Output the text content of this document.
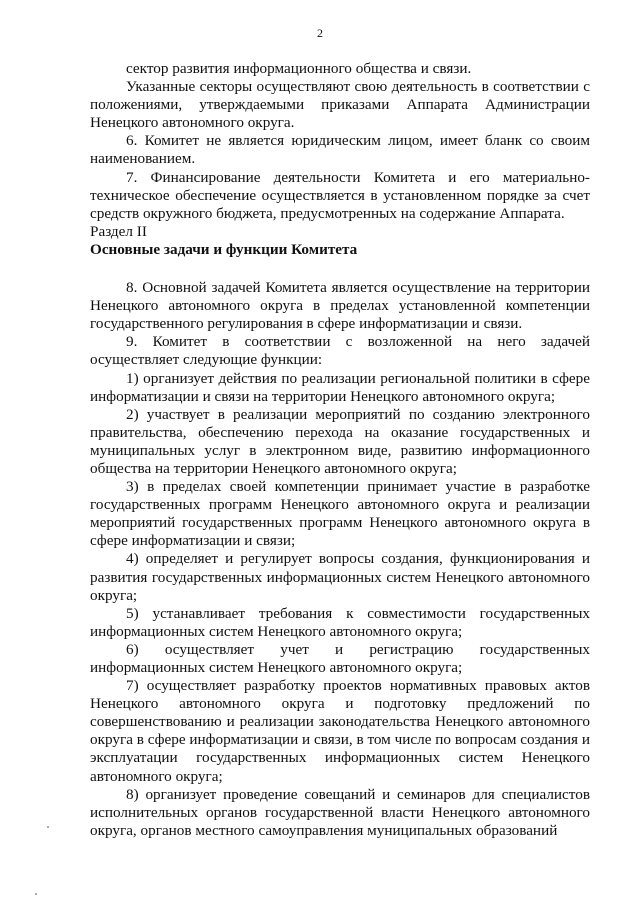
2

сектор развития информационного общества и связи.

Указанные секторы осуществляют свою деятельность в соответствии с положениями, утверждаемыми приказами Аппарата Администрации Ненецкого автономного округа.

6. Комитет не является юридическим лицом, имеет бланк со своим наименованием.

7. Финансирование деятельности Комитета и его материально-техническое обеспечение осуществляется в установленном порядке за счет средств окружного бюджета, предусмотренных на содержание Аппарата.

Раздел II

Основные задачи и функции Комитета

8. Основной задачей Комитета является осуществление на территории Ненецкого автономного округа в пределах установленной компетенции государственного регулирования в сфере информатизации и связи.

9. Комитет в соответствии с возложенной на него задачей осуществляет следующие функции:

1) организует действия по реализации региональной политики в сфере информатизации и связи на территории Ненецкого автономного округа;

2) участвует в реализации мероприятий по созданию электронного правительства, обеспечению перехода на оказание государственных и муниципальных услуг в электронном виде, развитию информационного общества на территории Ненецкого автономного округа;

3) в пределах своей компетенции принимает участие в разработке государственных программ Ненецкого автономного округа и реализации мероприятий государственных программ Ненецкого автономного округа в сфере информатизации и связи;

4) определяет и регулирует вопросы создания, функционирования и развития государственных информационных систем Ненецкого автономного округа;

5) устанавливает требования к совместимости государственных информационных систем Ненецкого автономного округа;

6) осуществляет учет и регистрацию государственных информационных систем Ненецкого автономного округа;

7) осуществляет разработку проектов нормативных правовых актов Ненецкого автономного округа и подготовку предложений по совершенствованию и реализации законодательства Ненецкого автономного округа в сфере информатизации и связи, в том числе по вопросам создания и эксплуатации государственных информационных систем Ненецкого автономного округа;

8) организует проведение совещаний и семинаров для специалистов исполнительных органов государственной власти Ненецкого автономного округа, органов местного самоуправления муниципальных образований
